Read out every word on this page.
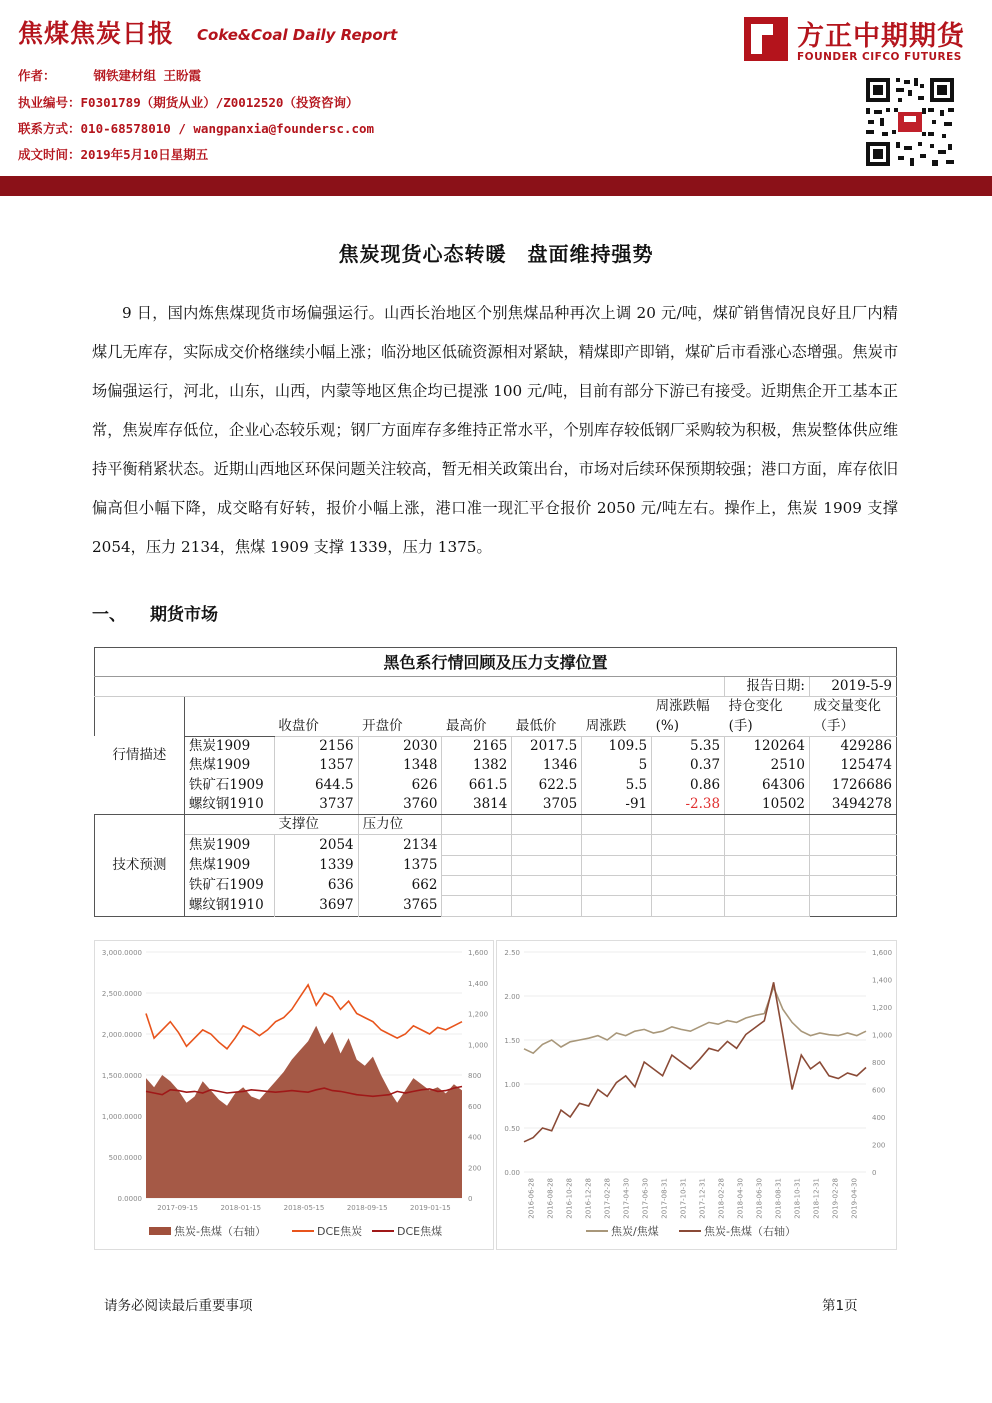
焦煤焦炭日报 Coke&Coal Daily Report
作者：	钢铁建材组 王盼霞
执业编号：F0301789（期货从业）/Z0012520（投资咨询）
联系方式：010-68578010 / wangpanxia@foundersc.com
成文时间：2019年5月10日星期五
方正中期期货
FOUNDER CIFCO FUTURES
焦炭现货心态转暖　盘面维持强势
9 日，国内炼焦煤现货市场偏强运行。山西长治地区个别焦煤品种再次上调 20 元/吨，煤矿销售情况良好且厂内精煤几无库存，实际成交价格继续小幅上涨；临汾地区低硫资源相对紧缺，精煤即产即销，煤矿后市看涨心态增强。焦炭市场偏强运行，河北，山东，山西，内蒙等地区焦企均已提涨 100 元/吨，目前有部分下游已有接受。近期焦企开工基本正常，焦炭库存低位，企业心态较乐观；钢厂方面库存多维持正常水平，个别库存较低钢厂采购较为积极，焦炭整体供应维持平衡稍紧状态。近期山西地区环保问题关注较高，暂无相关政策出台，市场对后续环保预期较强；港口方面，库存依旧偏高但小幅下降，成交略有好转，报价小幅上涨，港口准一现汇平仓报价 2050 元/吨左右。操作上，焦炭 1909 支撑 2054，压力 2134，焦煤 1909 支撑 1339，压力 1375。
一、 期货市场
黑色系行情回顾及压力支撑位置									
								报告日期:	2019-5-9
行情描述							周涨跌幅	持仓变化	成交量变化
		收盘价	开盘价	最高价	最低价	周涨跌	(%)	(手)	（手）
	焦炭1909	2156	2030	2165	2017.5	109.5	5.35	120264	429286
	焦煤1909	1357	1348	1382	1346	5	0.37	2510	125474
	铁矿石1909	644.5	626	661.5	622.5	5.5	0.86	64306	1726686
	螺纹钢1910	3737	3760	3814	3705	-91	-2.38	10502	3494278
技术预测		支撑位	压力位						
	焦炭1909	2054	2134						
	焦煤1909	1339	1375						
	铁矿石1909	636	662						
	螺纹钢1910	3697	3765						
0.0000
500.0000
1,000.0000
1,500.0000
2,000.0000
2,500.0000
3,000.0000
0
200
400
600
800
1,000
1,200
1,400
1,600
2017-09-15	2018-01-15	2018-05-15	2018-09-15	2019-01-15
焦炭-焦煤（右轴）	DCE焦炭	DCE焦煤
0.00
0.50
1.00
1.50
2.00
2.50
0
200
400
600
800
1,000
1,200
1,400
1,600
2016-06-28 2016-08-28 2016-10-28 2016-12-28 2017-02-28 2017-04-30 2017-06-30 2017-08-31 2017-10-31 2017-12-31 2018-02-28 2018-04-30 2018-06-30 2018-08-31 2018-10-31 2018-12-31 2019-02-28 2019-04-30
焦炭/焦煤	焦炭-焦煤（右轴）
请务必阅读最后重要事项	第1页
